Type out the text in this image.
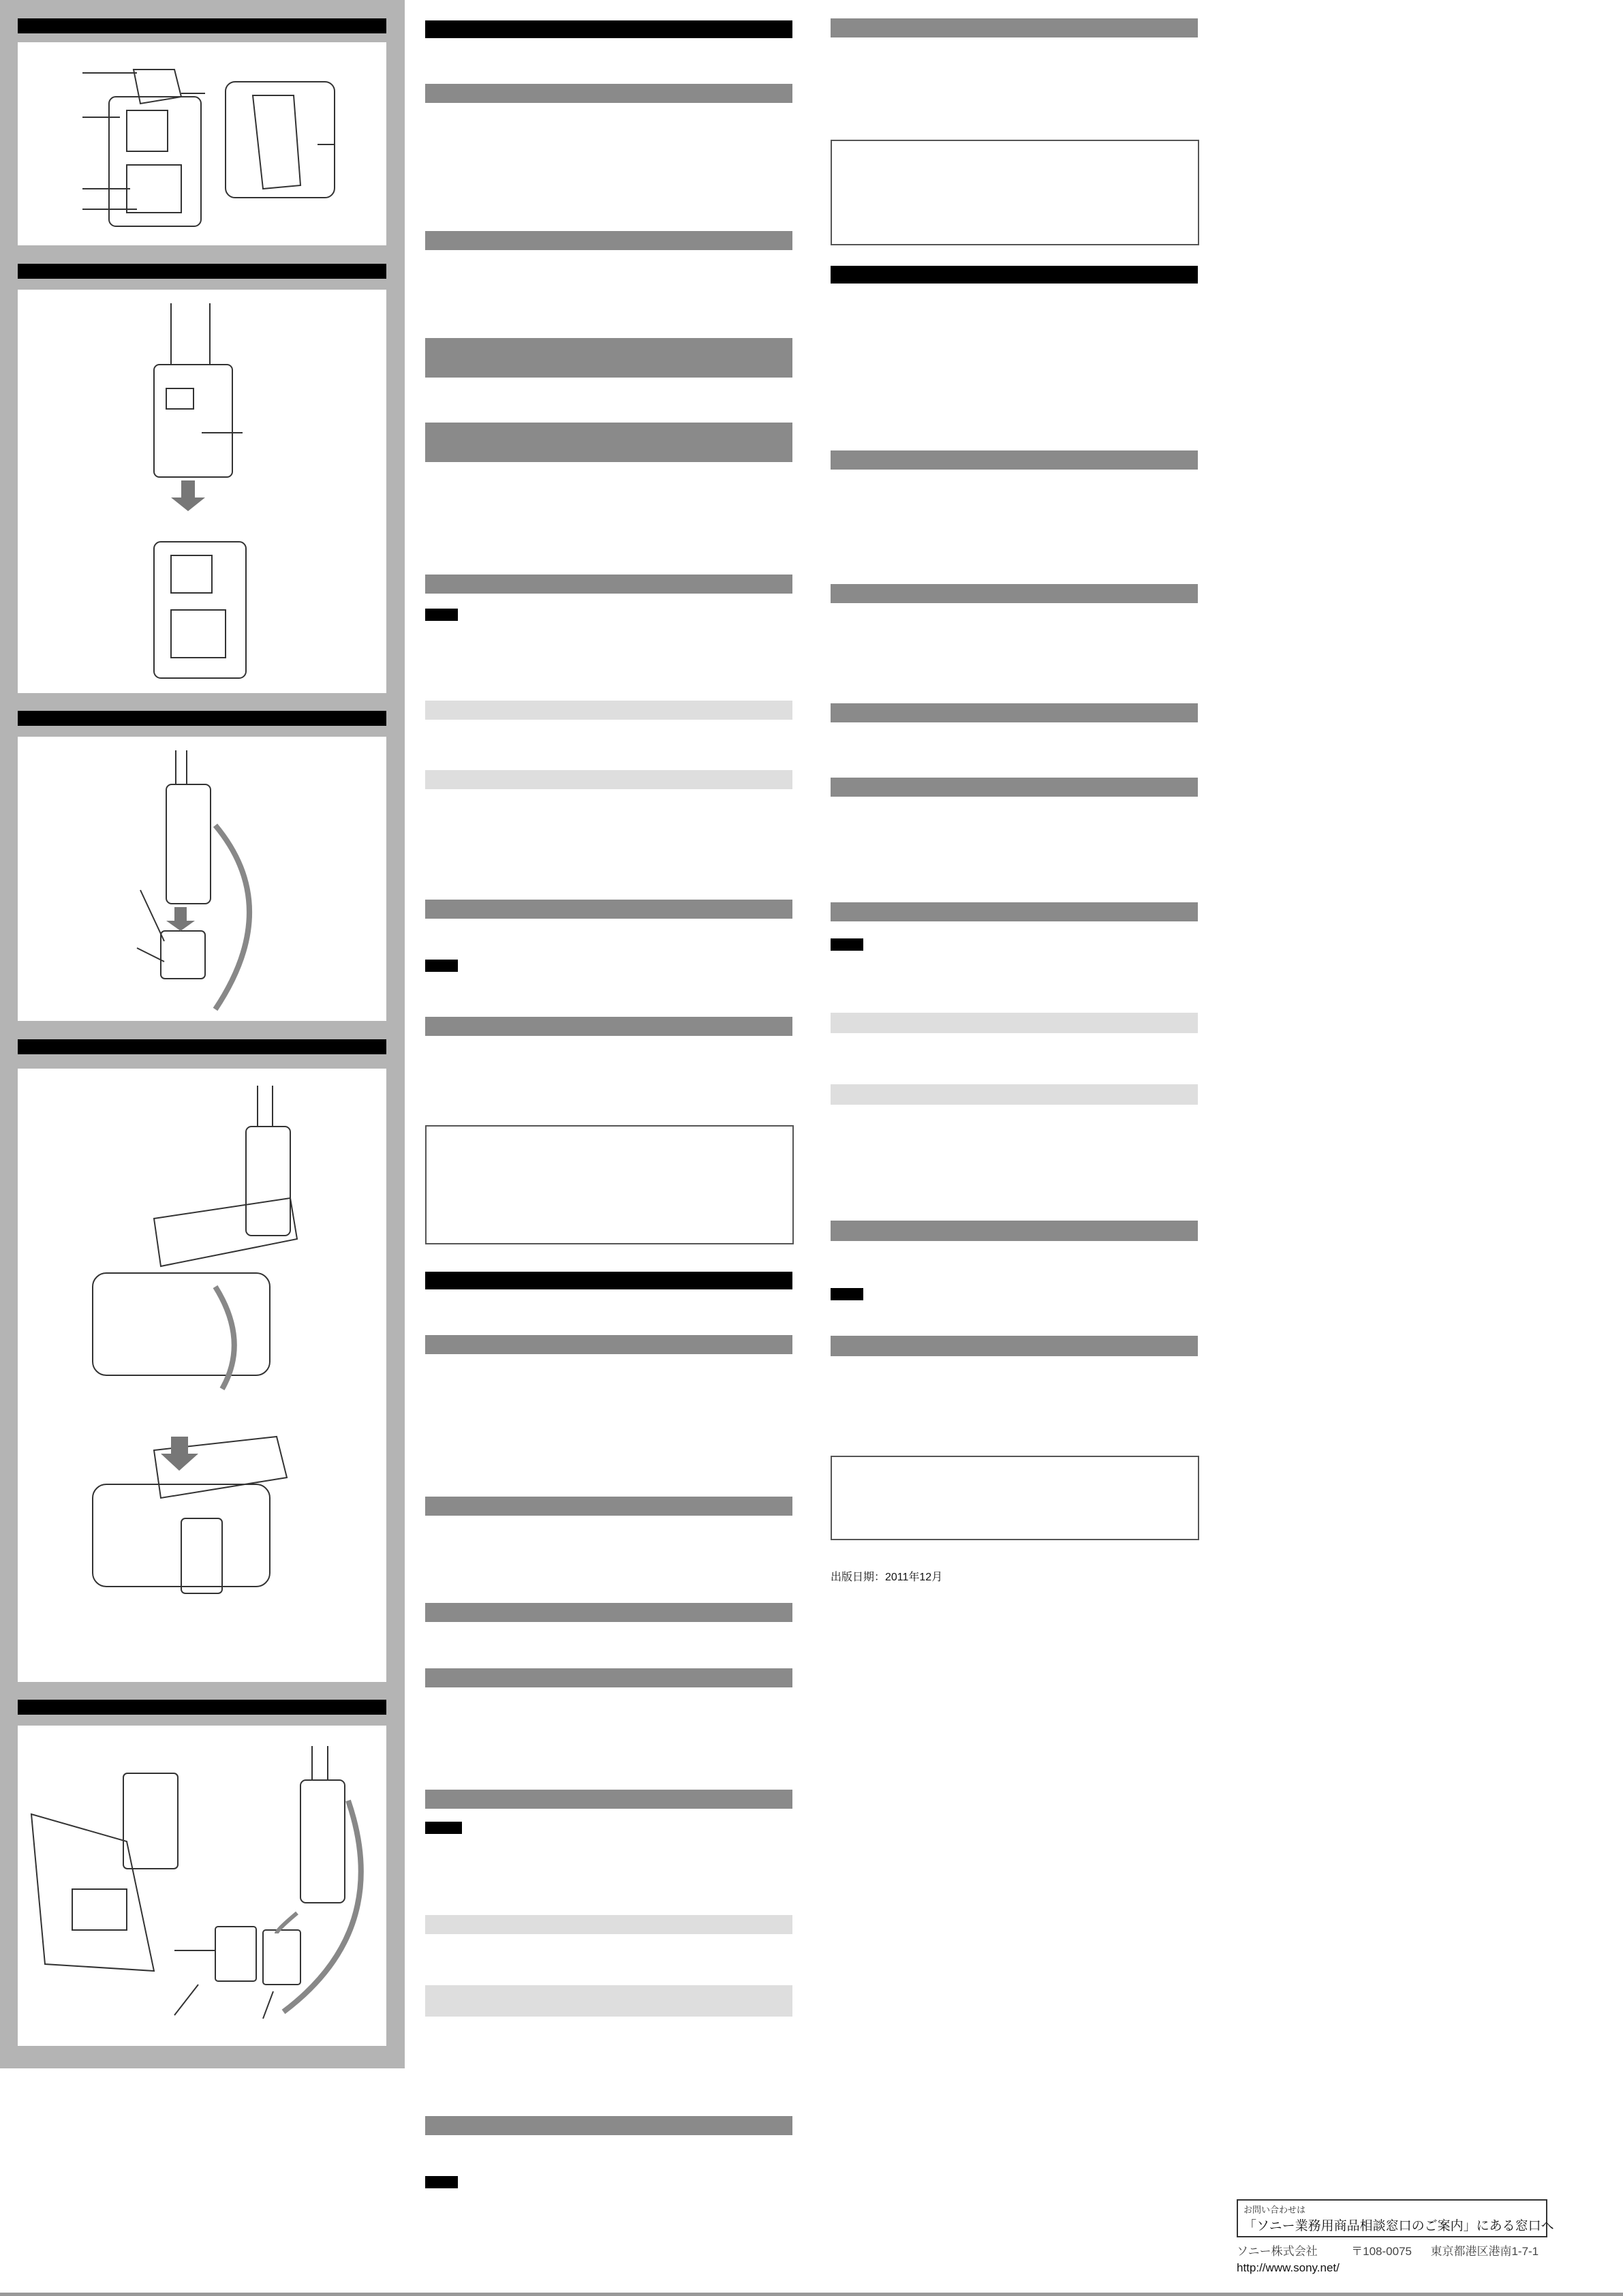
出版日期：2011年12月
お問い合わせは
「ソニー業務用商品相談窓口のご案内」にある窓口へ
ソニー株式会社	〒108-0075 東京都港区港南1-7-1
http://www.sony.net/
